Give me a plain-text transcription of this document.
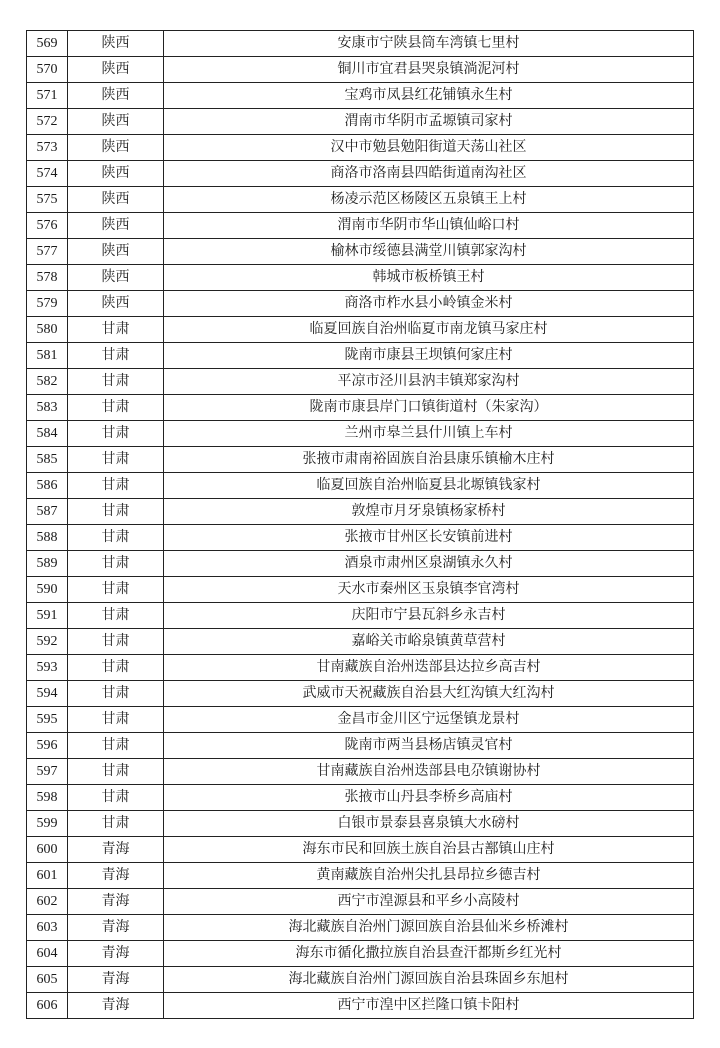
569	陕西	安康市宁陕县筒车湾镇七里村
570	陕西	铜川市宜君县哭泉镇淌泥河村
571	陕西	宝鸡市凤县红花铺镇永生村
572	陕西	渭南市华阴市孟塬镇司家村
573	陕西	汉中市勉县勉阳街道天荡山社区
574	陕西	商洛市洛南县四皓街道南沟社区
575	陕西	杨凌示范区杨陵区五泉镇王上村
576	陕西	渭南市华阴市华山镇仙峪口村
577	陕西	榆林市绥德县满堂川镇郭家沟村
578	陕西	韩城市板桥镇王村
579	陕西	商洛市柞水县小岭镇金米村
580	甘肃	临夏回族自治州临夏市南龙镇马家庄村
581	甘肃	陇南市康县王坝镇何家庄村
582	甘肃	平凉市泾川县汭丰镇郑家沟村
583	甘肃	陇南市康县岸门口镇街道村（朱家沟）
584	甘肃	兰州市皋兰县什川镇上车村
585	甘肃	张掖市肃南裕固族自治县康乐镇榆木庄村
586	甘肃	临夏回族自治州临夏县北塬镇钱家村
587	甘肃	敦煌市月牙泉镇杨家桥村
588	甘肃	张掖市甘州区长安镇前进村
589	甘肃	酒泉市肃州区泉湖镇永久村
590	甘肃	天水市秦州区玉泉镇李官湾村
591	甘肃	庆阳市宁县瓦斜乡永吉村
592	甘肃	嘉峪关市峪泉镇黄草营村
593	甘肃	甘南藏族自治州迭部县达拉乡高吉村
594	甘肃	武威市天祝藏族自治县大红沟镇大红沟村
595	甘肃	金昌市金川区宁远堡镇龙景村
596	甘肃	陇南市两当县杨店镇灵官村
597	甘肃	甘南藏族自治州迭部县电尕镇谢协村
598	甘肃	张掖市山丹县李桥乡高庙村
599	甘肃	白银市景泰县喜泉镇大水磅村
600	青海	海东市民和回族土族自治县古鄯镇山庄村
601	青海	黄南藏族自治州尖扎县昂拉乡德吉村
602	青海	西宁市湟源县和平乡小高陵村
603	青海	海北藏族自治州门源回族自治县仙米乡桥滩村
604	青海	海东市循化撒拉族自治县查汗都斯乡红光村
605	青海	海北藏族自治州门源回族自治县珠固乡东旭村
606	青海	西宁市湟中区拦隆口镇卡阳村
